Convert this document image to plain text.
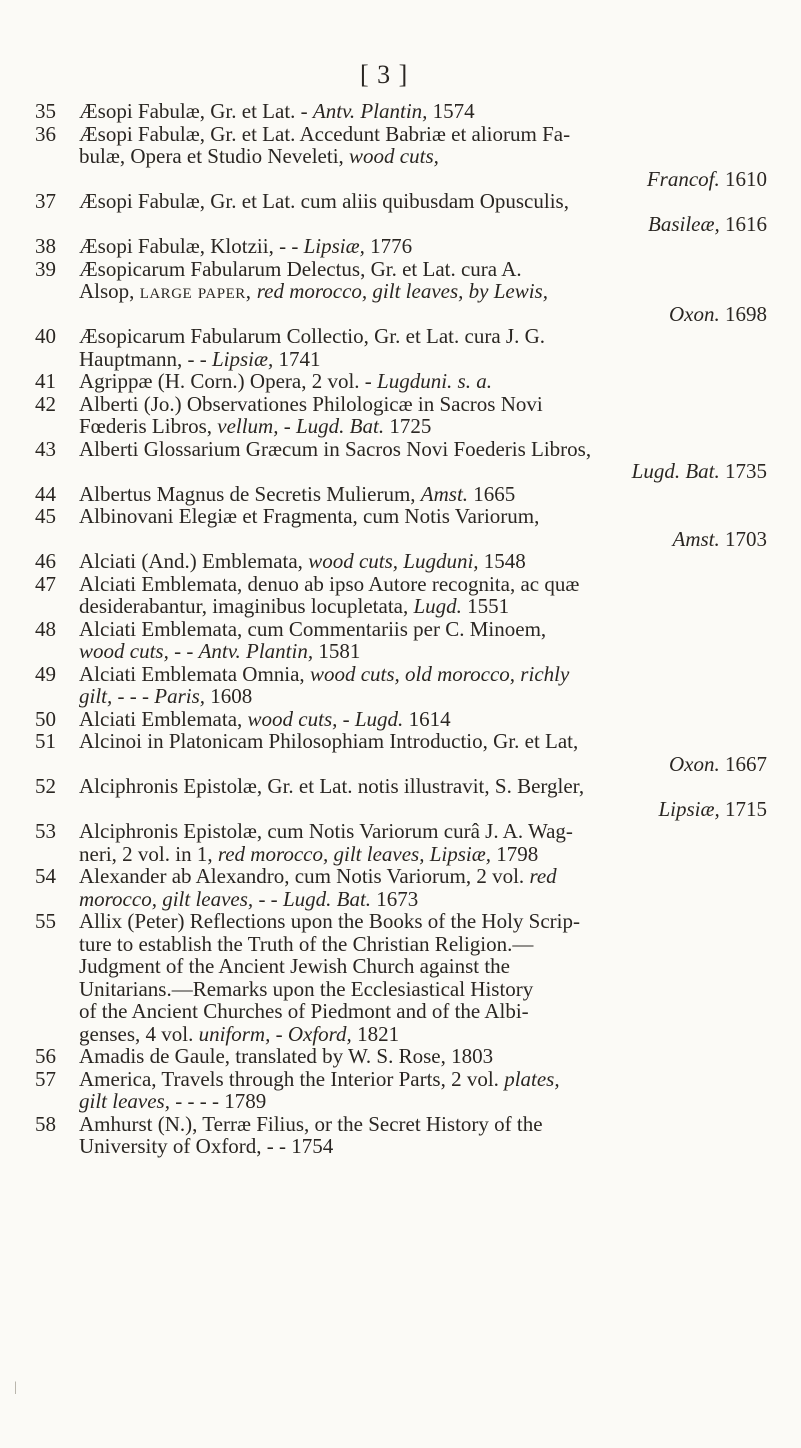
[ 3 ]
35	Æsopi Fabulæ, Gr. et Lat. - Antv. Plantin, 1574
36	Æsopi Fabulæ, Gr. et Lat. Accedunt Babriæ et aliorum Fa-
bulæ, Opera et Studio Neveleti, wood cuts,
Francof. 1610
37	Æsopi Fabulæ, Gr. et Lat. cum aliis quibusdam Opusculis,
Basileæ, 1616
38	Æsopi Fabulæ, Klotzii, - - Lipsiæ, 1776
39	Æsopicarum Fabularum Delectus, Gr. et Lat. cura A.
Alsop, large paper, red morocco, gilt leaves, by Lewis,
Oxon. 1698
40	Æsopicarum Fabularum Collectio, Gr. et Lat. cura J. G.
Hauptmann, - - Lipsiæ, 1741
41	Agrippæ (H. Corn.) Opera, 2 vol. - Lugduni. s. a.
42	Alberti (Jo.) Observationes Philologicæ in Sacros Novi
Fœderis Libros, vellum, - Lugd. Bat. 1725
43	Alberti Glossarium Græcum in Sacros Novi Foederis Libros,
Lugd. Bat. 1735
44	Albertus Magnus de Secretis Mulierum, Amst. 1665
45	Albinovani Elegiæ et Fragmenta, cum Notis Variorum,
Amst. 1703
46	Alciati (And.) Emblemata, wood cuts, Lugduni, 1548
47	Alciati Emblemata, denuo ab ipso Autore recognita, ac quæ
desiderabantur, imaginibus locupletata, Lugd. 1551
48	Alciati Emblemata, cum Commentariis per C. Minoem,
wood cuts, - - Antv. Plantin, 1581
49	Alciati Emblemata Omnia, wood cuts, old morocco, richly
gilt, - - - Paris, 1608
50	Alciati Emblemata, wood cuts, - Lugd. 1614
51	Alcinoi in Platonicam Philosophiam Introductio, Gr. et Lat,
Oxon. 1667
52	Alciphronis Epistolæ, Gr. et Lat. notis illustravit, S. Bergler,
Lipsiæ, 1715
53	Alciphronis Epistolæ, cum Notis Variorum curâ J. A. Wag-
neri, 2 vol. in 1, red morocco, gilt leaves, Lipsiæ, 1798
54	Alexander ab Alexandro, cum Notis Variorum, 2 vol. red
morocco, gilt leaves, - - Lugd. Bat. 1673
55	Allix (Peter) Reflections upon the Books of the Holy Scrip-
ture to establish the Truth of the Christian Religion.—
Judgment of the Ancient Jewish Church against the
Unitarians.—Remarks upon the Ecclesiastical History
of the Ancient Churches of Piedmont and of the Albi-
genses, 4 vol. uniform, - Oxford, 1821
56	Amadis de Gaule, translated by W. S. Rose, 1803
57	America, Travels through the Interior Parts, 2 vol. plates,
gilt leaves, - - - - 1789
58	Amhurst (N.), Terræ Filius, or the Secret History of the
University of Oxford, - - 1754
|
